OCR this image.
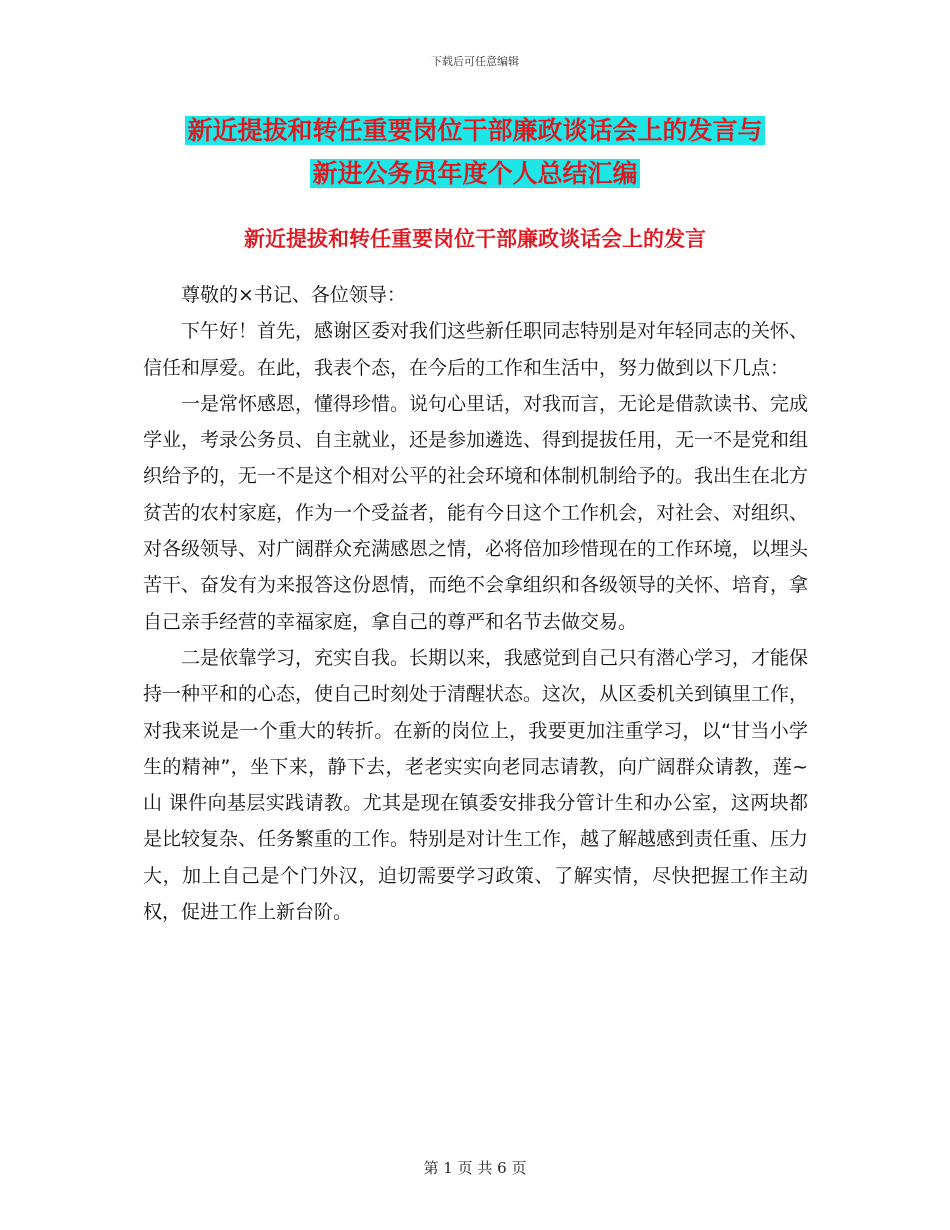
下载后可任意编辑
新近提拔和转任重要岗位干部廉政谈话会上的发言与
新进公务员年度个人总结汇编
新近提拔和转任重要岗位干部廉政谈话会上的发言

尊敬的×书记、各位领导：

下午好！首先，感谢区委对我们这些新任职同志特别是对年轻同志的关怀、信任和厚爱。在此，我表个态，在今后的工作和生活中，努力做到以下几点：

一是常怀感恩，懂得珍惜。说句心里话，对我而言，无论是借款读书、完成学业，考录公务员、自主就业，还是参加遴选、得到提拔任用，无一不是党和组织给予的，无一不是这个相对公平的社会环境和体制机制给予的。我出生在北方贫苦的农村家庭，作为一个受益者，能有今日这个工作机会，对社会、对组织、对各级领导、对广阔群众充满感恩之情，必将倍加珍惜现在的工作环境，以埋头苦干、奋发有为来报答这份恩情，而绝不会拿组织和各级领导的关怀、培育，拿自己亲手经营的幸福家庭，拿自己的尊严和名节去做交易。

二是依靠学习，充实自我。长期以来，我感觉到自己只有潜心学习，才能保持一种平和的心态，使自己时刻处于清醒状态。这次，从区委机关到镇里工作，对我来说是一个重大的转折。在新的岗位上，我要更加注重学习，以“甘当小学生的精神”，坐下来，静下去，老老实实向老同志请教，向广阔群众请教，莲~山 课件向基层实践请教。尤其是现在镇委安排我分管计生和办公室，这两块都是比较复杂、任务繁重的工作。特别是对计生工作，越了解越感到责任重、压力大，加上自己是个门外汉，迫切需要学习政策、了解实情，尽快把握工作主动权，促进工作上新台阶。

第 1 页 共 6 页
